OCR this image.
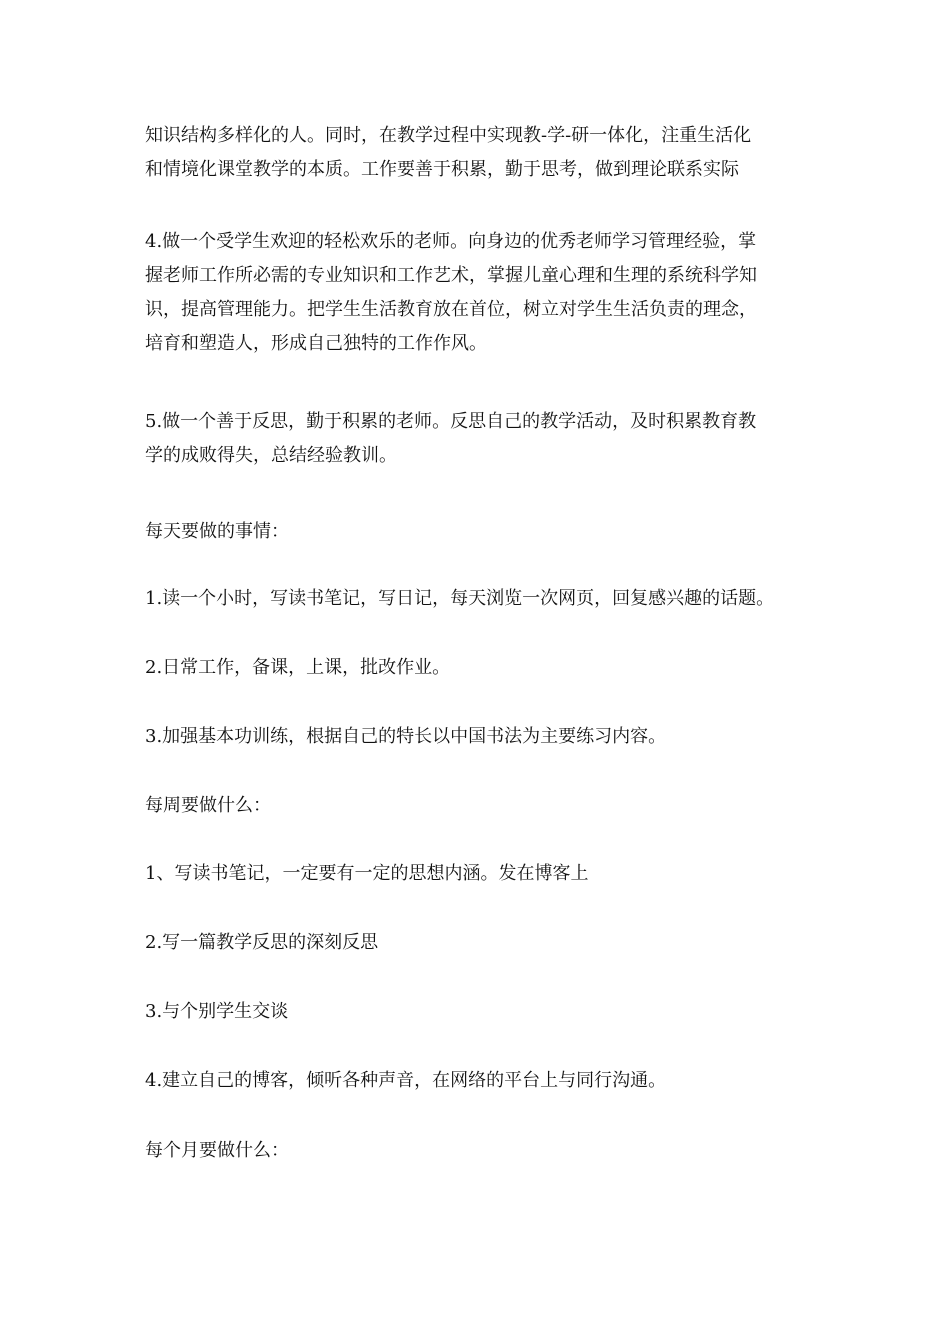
知识结构多样化的人。同时，在教学过程中实现教-学-研一体化，注重生活化
和情境化课堂教学的本质。工作要善于积累，勤于思考，做到理论联系实际

4.做一个受学生欢迎的轻松欢乐的老师。向身边的优秀老师学习管理经验，掌
握老师工作所必需的专业知识和工作艺术，掌握儿童心理和生理的系统科学知
识，提高管理能力。把学生生活教育放在首位，树立对学生生活负责的理念，
培育和塑造人，形成自己独特的工作作风。

5.做一个善于反思，勤于积累的老师。反思自己的教学活动，及时积累教育教
学的成败得失，总结经验教训。

每天要做的事情：

1.读一个小时，写读书笔记，写日记，每天浏览一次网页，回复感兴趣的话题。

2.日常工作，备课，上课，批改作业。

3.加强基本功训练，根据自己的特长以中国书法为主要练习内容。

每周要做什么：

1、写读书笔记，一定要有一定的思想内涵。发在博客上

2.写一篇教学反思的深刻反思

3.与个别学生交谈

4.建立自己的博客，倾听各种声音，在网络的平台上与同行沟通。

每个月要做什么：
